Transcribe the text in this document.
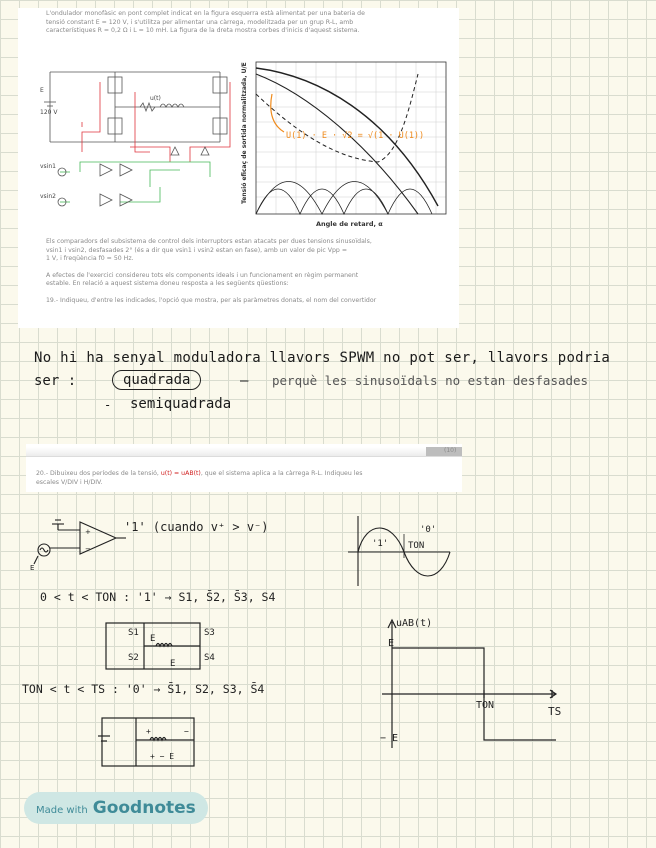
L'ondulador monofàsic en pont complet indicat en la figura esquerra està alimentat per una bateria de
tensió constant E = 120 V, i s'utilitza per alimentar una càrrega, modelitzada per un grup R-L, amb
característiques R = 0,2 Ω i L = 10 mH. La figura de la dreta mostra corbes d'inicis d'aquest sistema.
E
120 V
u(t)
vsin1
vsin2	Tensió eficaç de sortida normalitzada, U/E
Angle de retard, α
U(1) · E · √2 = √(1 · U(1))
Els comparadors del subsistema de control dels interruptors estan atacats per dues tensions sinusoïdals,
vsin1 i vsin2, desfasades 2° (és a dir que vsin1 i vsin2 estan en fase), amb un valor de pic Vpp =
1 V, i freqüència f0 = 50 Hz.
A efectes de l'exercici considereu tots els components ideals i un funcionament en règim permanent
estable. En relació a aquest sistema doneu resposta a les següents qüestions:
19.- Indiqueu, d'entre les indicades, l'opció que mostra, per als paràmetres donats, el nom del convertidor
No hi ha senyal moduladora llavors SPWM no pot ser, llavors podria
ser :	quadrada	— perquè les sinusoïdals no estan desfasades
- semiquadrada
(10)
20.- Dibuixeu dos períodes de la tensió, u(t) = uAB(t), que el sistema aplica a la càrrega R-L. Indiqueu les
escales V/DIV i H/DIV.
+
−
E
'1' (cuando v⁺ > v⁻)
'1'
'0'
TON
0 < t < TON : '1' → S1, S̄2, S̄3, S4
S1
E
S3
S2
E
S4
TON < t < TS : '0' → S̄1, S2, S3, S̄4
+	−
+ − E
uAB(t)
E
− E
TON	TS
Made with Goodnotes
